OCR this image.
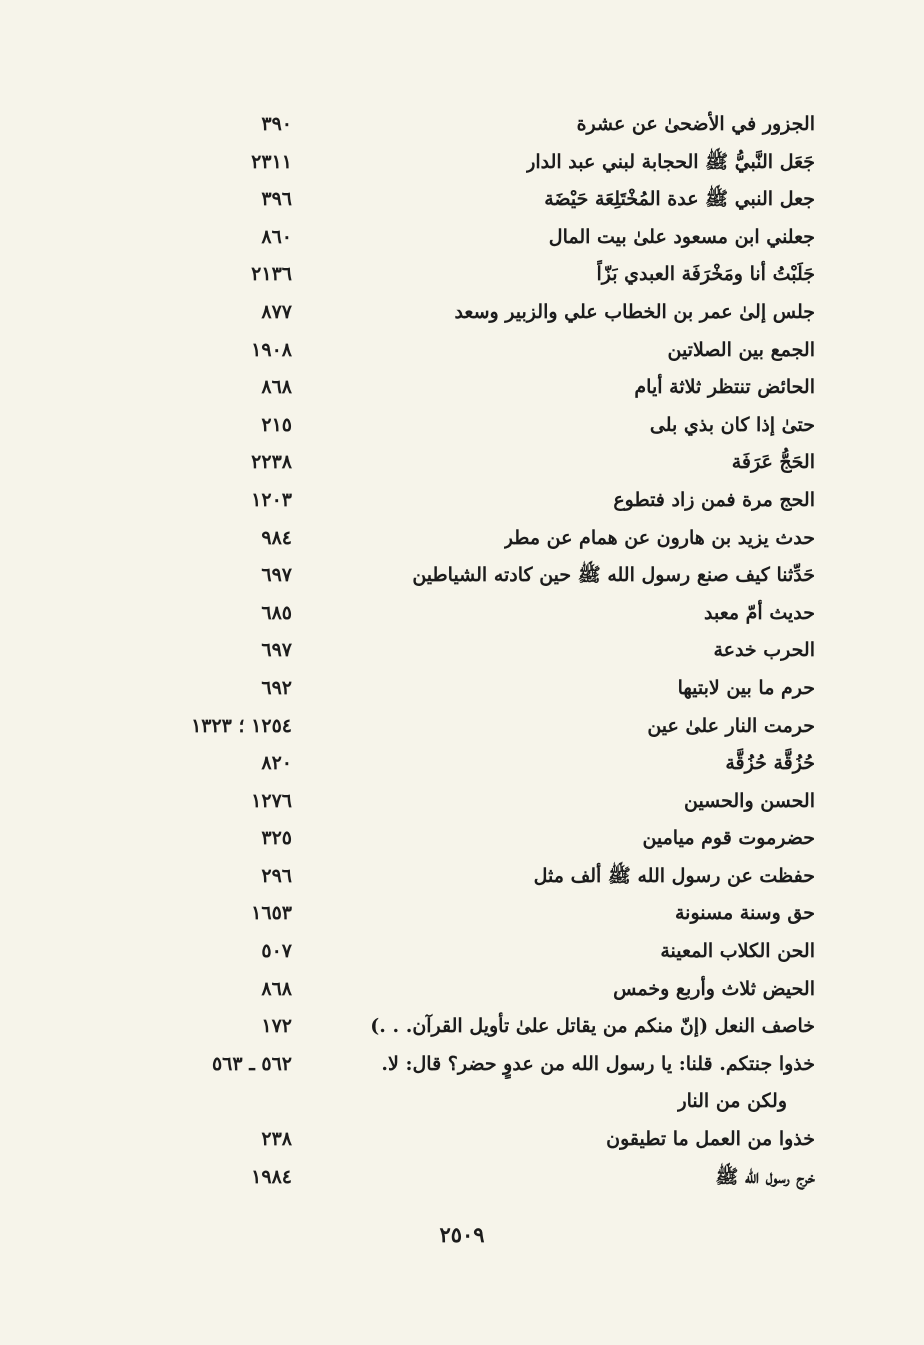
الجزور في الأضحىٰ عن عشرة
٣٩٠
جَعَل النَّبيُّ ﷺ الحجابة لبني عبد الدار
٢٣١١
جعل النبي ﷺ عدة المُخْتَلِعَة حَيْضَة
٣٩٦
جعلني ابن مسعود علىٰ بيت المال
٨٦٠
جَلَبْتُ أنا ومَخْرَفَة العبدي بَزّاً
٢١٣٦
جلس إلىٰ عمر بن الخطاب علي والزبير وسعد
٨٧٧
الجمع بين الصلاتين
١٩٠٨
الحائض تنتظر ثلاثة أيام
٨٦٨
حتىٰ إذا كان بذي بلى
٢١٥
الحَجُّ عَرَفَة
٢٢٣٨
الحج مرة فمن زاد فتطوع
١٢٠٣
حدث يزيد بن هارون عن همام عن مطر
٩٨٤
حَدِّثنا كيف صنع رسول الله ﷺ حين كادته الشياطين
٦٩٧
حديث أمّ معبد
٦٨٥
الحرب خدعة
٦٩٧
حرم ما بين لابتيها
٦٩٢
حرمت النار علىٰ عين
١٢٥٤ ؛ ١٣٢٣
حُزُقَّة حُزُقَّة
٨٢٠
الحسن والحسين
١٢٧٦
حضرموت قوم ميامين
٣٢٥
حفظت عن رسول الله ﷺ ألف مثل
٢٩٦
حق وسنة مسنونة
١٦٥٣
الحن الكلاب المعينة
٥٠٧
الحيض ثلاث وأربع وخمس
٨٦٨
خاصف النعل (إنّ منكم من يقاتل علىٰ تأويل القرآن. . .)
١٧٢
خذوا جنتكم. قلنا: يا رسول الله من عدوٍ حضر؟ قال: لا.
٥٦٢ ـ ٥٦٣
ولكن من النار
خذوا من العمل ما تطيقون
٢٣٨
خرج رسول الله ﷺ
١٩٨٤
٢٥٠٩
